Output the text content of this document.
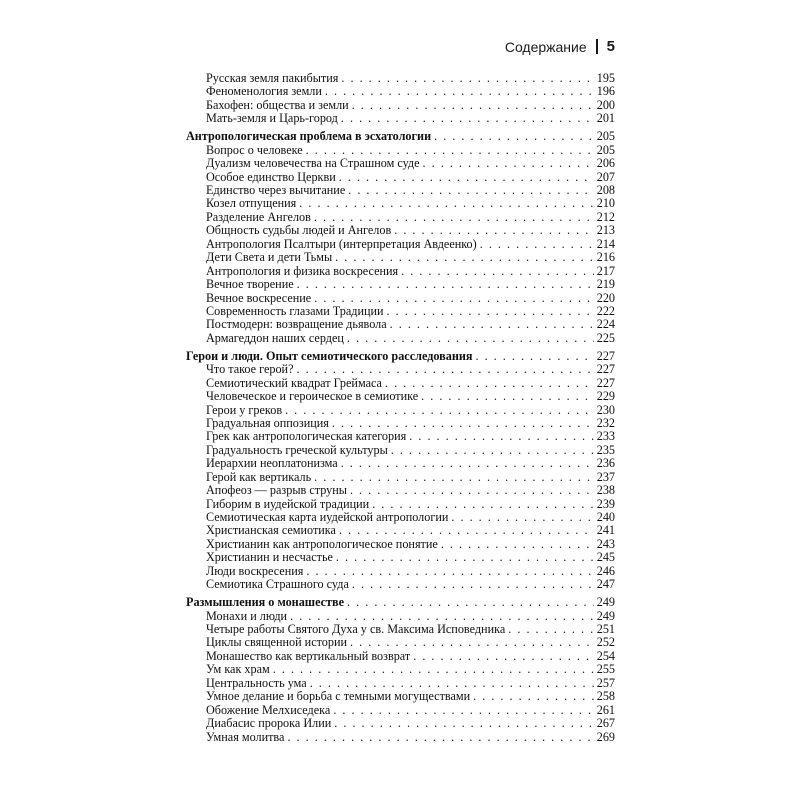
Содержание 5
Русская земля пакибытия . . .	195
Феноменология земли . . .	196
Бахофен: общества и земли . . .	200
Мать-земля и Царь-город . . .	201
Антропологическая проблема в эсхатологии . . .	205
Вопрос о человеке . . .	205
Дуализм человечества на Страшном суде . . .	206
Особое единство Церкви . . .	207
Единство через вычитание . . .	208
Козел отпущения . . .	210
Разделение Ангелов . . .	212
Общность судьбы людей и Ангелов . . .	213
Антропология Псалтыри (интерпретация Авдеенко) . . .	214
Дети Света и дети Тьмы . . .	216
Антропология и физика воскресения . . .	217
Вечное творение . . .	219
Вечное воскресение . . .	220
Современность глазами Традиции . . .	222
Постмодерн: возвращение дьявола . . .	224
Армагеддон наших сердец . . .	225
Герои и люди. Опыт семиотического расследования . . .	227
Что такое герой? . . .	227
Семиотический квадрат Греймаса . . .	227
Человеческое и героическое в семиотике . . .	229
Герои у греков . . .	230
Градуальная оппозиция . . .	232
Грек как антропологическая категория . . .	233
Градуальность греческой культуры . . .	235
Иерархии неоплатонизма . . .	236
Герой как вертикаль . . .	237
Апофеоз — разрыв струны . . .	238
Гиборим в иудейской традиции . . .	239
Семиотическая карта иудейской антропологии . . .	240
Христианская семиотика . . .	241
Христианин как антропологическое понятие . . .	243
Христианин и несчастье . . .	245
Люди воскресения . . .	246
Семиотика Страшного суда . . .	247
Размышления о монашестве . . .	249
Монахи и люди . . .	249
Четыре работы Святого Духа у св. Максима Исповедника . . .	251
Циклы священной истории . . .	252
Монашество как вертикальный возврат . . .	254
Ум как храм . . .	255
Центральность ума . . .	257
Умное делание и борьба с темными могуществами . . .	258
Обожение Мелхиседека . . .	261
Диабасис пророка Илии . . .	267
Умная молитва . . .	269
